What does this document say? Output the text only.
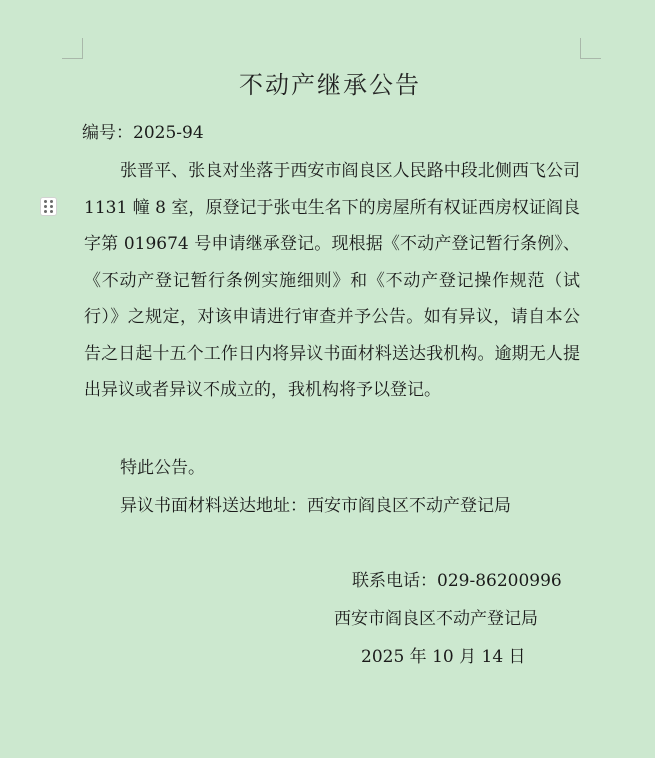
不动产继承公告
编号：2025-94

张晋平、张良对坐落于西安市阎良区人民路中段北侧西飞公司 1131 幢 8 室，原登记于张屯生名下的房屋所有权证西房权证阎良字第 019674 号申请继承登记。现根据《不动产登记暂行条例》、《不动产登记暂行条例实施细则》和《不动产登记操作规范（试行）》之规定，对该申请进行审查并予公告。如有异议，请自本公告之日起十五个工作日内将异议书面材料送达我机构。逾期无人提出异议或者异议不成立的，我机构将予以登记。

特此公告。
异议书面材料送达地址：西安市阎良区不动产登记局
联系电话：029-86200996
西安市阎良区不动产登记局
2025 年 10 月 14 日
